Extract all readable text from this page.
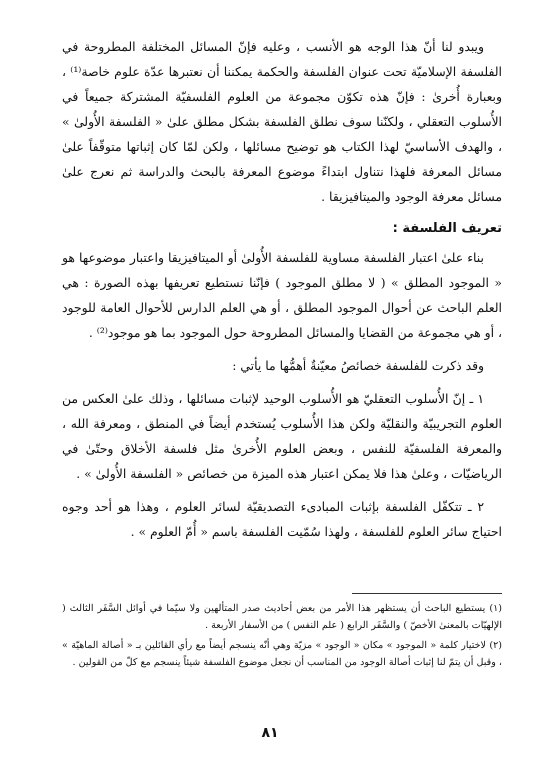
ويبدو لنا أنّ هذا الوجه هو الأنسب ، وعليه فإنّ المسائل المختلفة المطروحة في الفلسفة الإسلاميّة تحت عنوان الفلسفة والحكمة يمكننا أن نعتبرها عدّة علوم خاصة⁽¹⁾ ، وبعبارة أُخرىٰ : فإنّ هذه تكوّن مجموعة من العلوم الفلسفيّة المشتركة جميعاً في الأُسلوب التعقلي ، ولكنّنا سوف نطلق الفلسفة بشكل مطلق علىٰ « الفلسفة الأُولىٰ » ، والهدف الأساسيّ لهذا الكتاب هو توضيح مسائلها ، ولكن لمّا كان إثباتها متوقّفاً علىٰ مسائل المعرفة فلهذا نتناول ابتداءً موضوع المعرفة بالبحث والدراسة ثم نعرج علىٰ مسائل معرفة الوجود والميتافيزيقا .

تعريف الفلسفة :

بناء علىٰ اعتبار الفلسفة مساوية للفلسفة الأُولىٰ أو الميتافيزيقا واعتبار موضوعها هو « الموجود المطلق » ( لا مطلق الموجود ) فإنّنا نستطيع تعريفها بهذه الصورة : هي العلم الباحث عن أحوال الموجود المطلق ، أو هي العلم الدارس للأحوال العامة للوجود ، أو هي مجموعة من القضايا والمسائل المطروحة حول الموجود بما هو موجود⁽²⁾ .

وقد ذكرت للفلسفة خصائصُ معيّنةٌ أهمُّها ما يأتي :

١ ـ إنّ الأُسلوب التعقليّ هو الأُسلوب الوحيد لإثبات مسائلها ، وذلك علىٰ العكس من العلوم التجريبيّة والنقليّة ولكن هذا الأُسلوب يُستخدم أيضاً في المنطق ، ومعرفة الله ، والمعرفة الفلسفيّة للنفس ، وبعض العلوم الأُخرىٰ مثل فلسفة الأخلاق وحتّىٰ في الرياضيّات ، وعلىٰ هذا فلا يمكن اعتبار هذه الميزة من خصائص « الفلسفة الأُولىٰ » .

٢ ـ تتكفّل الفلسفة بإثبات المبادىء التصديقيّة لسائر العلوم ، وهذا هو أحد وجوه احتياج سائر العلوم للفلسفة ، ولهذا سُمّيت الفلسفة باسم « أُمّ العلوم » .

(١) يستطيع الباحث أن يستظهر هذا الأمر من بعض أحاديث صدر المتألهين ولا سيّما في أوائل السَّفَر الثالث ( الإلهيّات بالمعنىٰ الأخصّ ) والسَّفَر الرابع ( علم النفس ) من الأسفار الأربعة .

(٢) لاختيار كلمة « الموجود » مكان « الوجود » مزيّة وهي أنّه ينسجم أيضاً مع رأي القائلين بـ « أصالة الماهيّة » ، وقبل أن يتمّ لنا إثبات أصالة الوجود من المناسب أن نجعل موضوع الفلسفة شيئاً ينسجم مع كلّ من القولين .

٨١
